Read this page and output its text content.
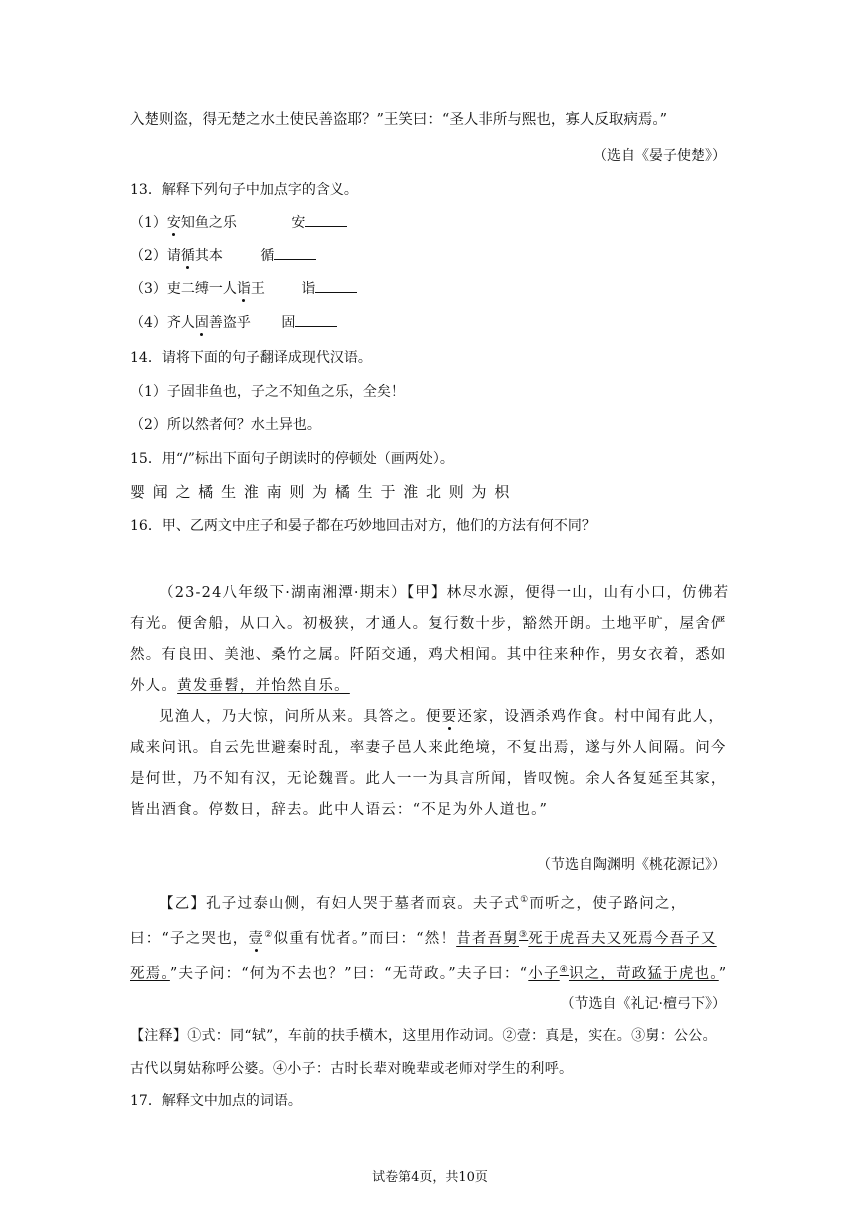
入楚则盗，得无楚之水土使民善盗耶？”王笑曰：“圣人非所与熙也，寡人反取病焉。”
（选自《晏子使楚》）
13．解释下列句子中加点字的含义。
（1）安知鱼之乐	安
（2）请循其本	循
（3）吏二缚一人诣王	诣
（4）齐人固善盗乎 固
14．请将下面的句子翻译成现代汉语。
（1）子固非鱼也，子之不知鱼之乐，全矣！
（2）所以然者何？水土异也。
15．用“/”标出下面句子朗读时的停顿处（画两处）。
婴 闻 之 橘 生 淮 南 则 为 橘 生 于 淮 北 则 为 枳
16．甲、乙两文中庄子和晏子都在巧妙地回击对方，他们的方法有何不同？

（23-24八年级下·湖南湘潭·期末）【甲】林尽水源，便得一山，山有小口，仿佛若有光。便舍船，从口入。初极狭，才通人。复行数十步，豁然开朗。土地平旷，屋舍俨然。有良田、美池、桑竹之属。阡陌交通，鸡犬相闻。其中往来种作，男女衣着，悉如外人。黄发垂髫，并怡然自乐。

见渔人，乃大惊，问所从来。具答之。便要还家，设酒杀鸡作食。村中闻有此人，咸来问讯。自云先世避秦时乱，率妻子邑人来此绝境，不复出焉，遂与外人间隔。问今是何世，乃不知有汉，无论魏晋。此人一一为具言所闻，皆叹惋。余人各复延至其家，皆出酒食。停数日，辞去。此中人语云：“不足为外人道也。”

（节选自陶渊明《桃花源记》）

【乙】孔子过泰山侧，有妇人哭于墓者而哀。夫子式①而听之，使子路问之，曰：“子之哭也，壹②似重有忧者。”而曰：“然！昔者吾舅③死于虎吾夫又死焉今吾子又死焉。”夫子问：“何为不去也？”曰：“无苛政。”夫子曰：“小子④识之，苛政猛于虎也。”

（节选自《礼记·檀弓下》）
【注释】①式：同“轼”，车前的扶手横木，这里用作动词。②壹：真是，实在。③舅：公公。古代以舅姑称呼公婆。④小子：古时长辈对晚辈或老师对学生的利呼。
17．解释文中加点的词语。
试卷第4页，共10页
